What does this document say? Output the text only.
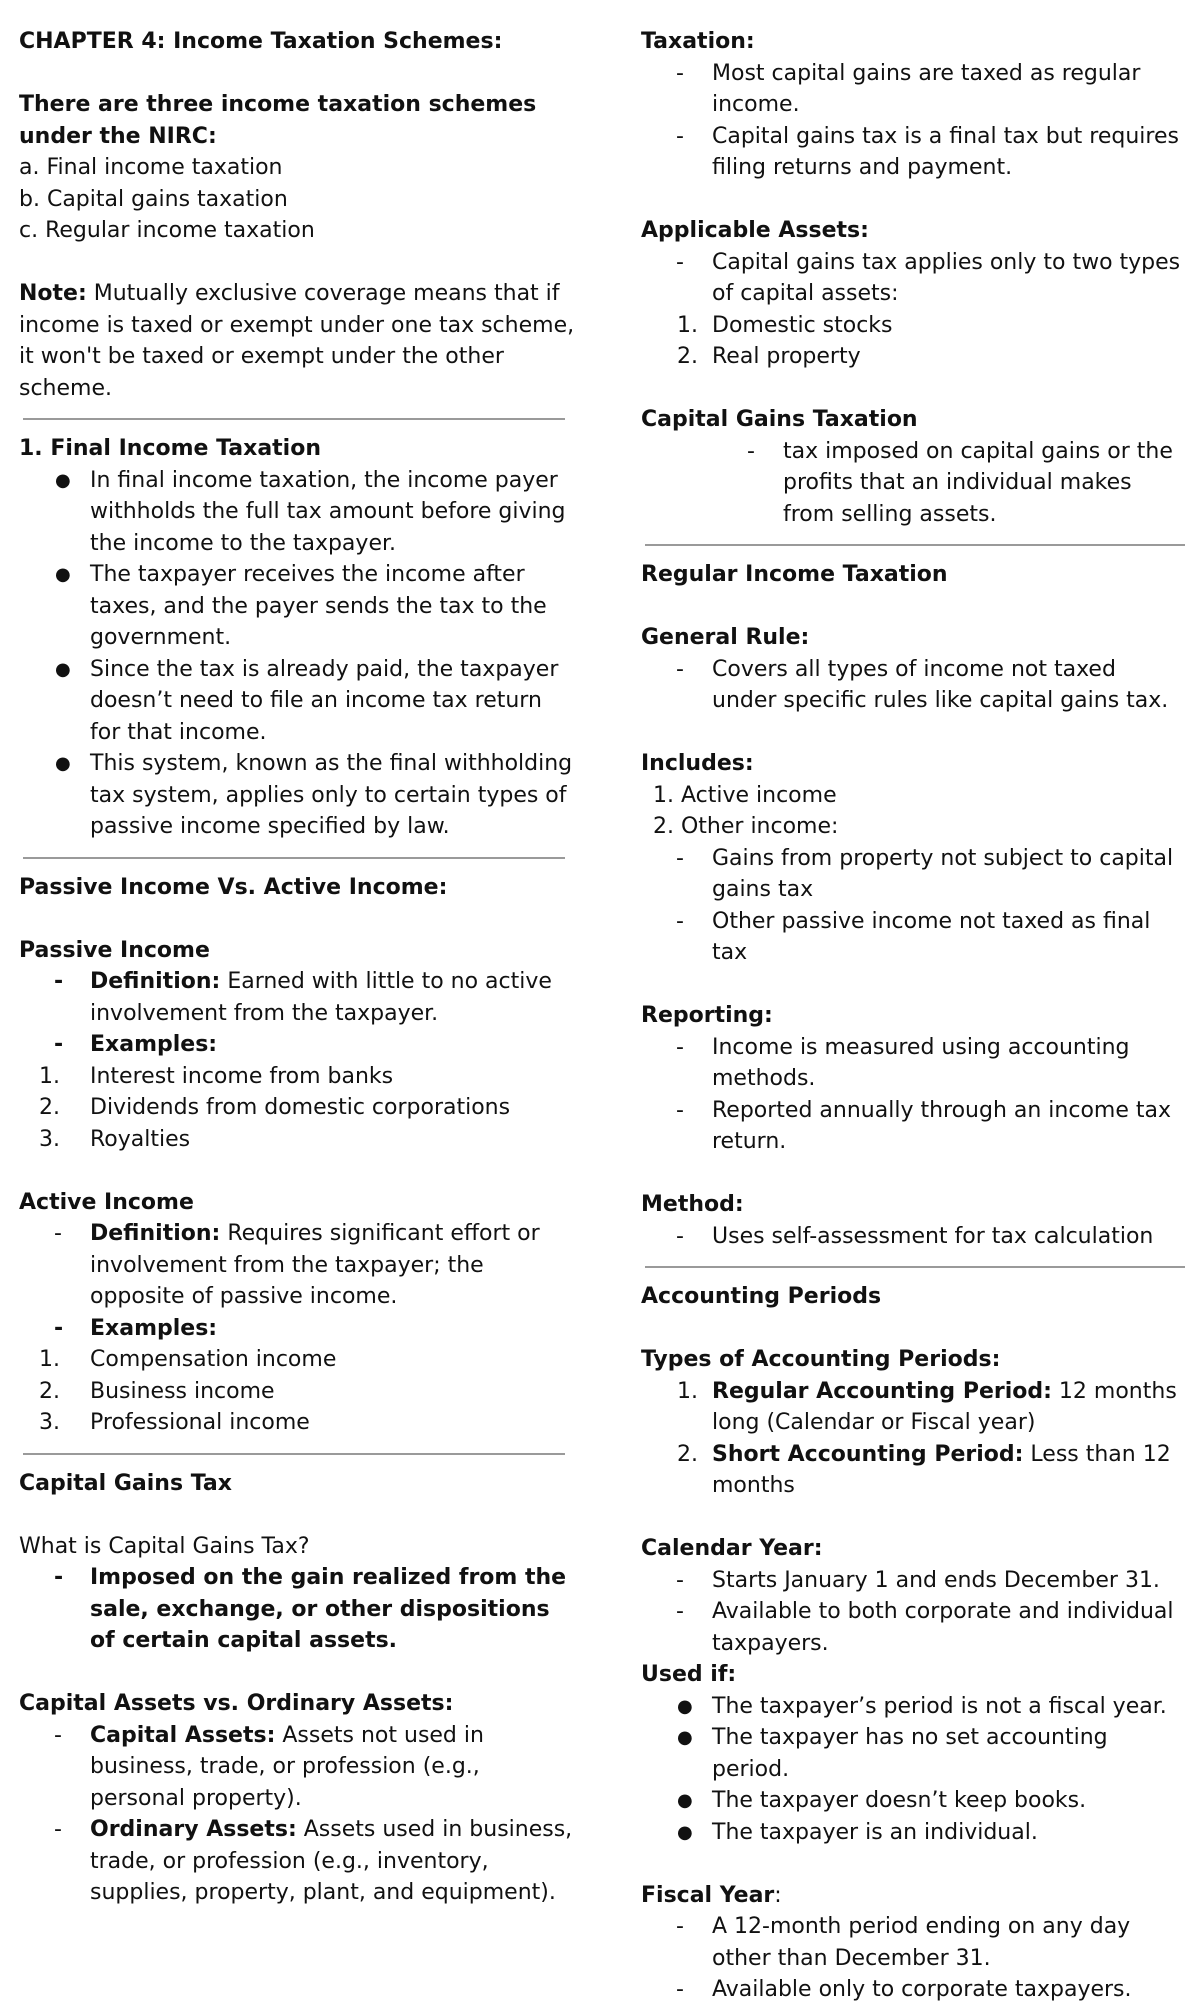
CHAPTER 4: Income Taxation Schemes:
There are three income taxation schemes under the NIRC:
a. Final income taxation
b. Capital gains taxation
c. Regular income taxation
Note: Mutually exclusive coverage means that if income is taxed or exempt under one tax scheme, it won't be taxed or exempt under the other scheme.
1. Final Income Taxation
● In final income taxation, the income payer withholds the full tax amount before giving the income to the taxpayer.
● The taxpayer receives the income after taxes, and the payer sends the tax to the government.
● Since the tax is already paid, the taxpayer doesn’t need to file an income tax return for that income.
● This system, known as the final withholding tax system, applies only to certain types of passive income specified by law.
Passive Income Vs. Active Income:
Passive Income
- Definition: Earned with little to no active involvement from the taxpayer.
- Examples:
1. Interest income from banks
2. Dividends from domestic corporations
3. Royalties
Active Income
- Definition: Requires significant effort or involvement from the taxpayer; the opposite of passive income.
- Examples:
1. Compensation income
2. Business income
3. Professional income
Capital Gains Tax
What is Capital Gains Tax?
- Imposed on the gain realized from the sale, exchange, or other dispositions of certain capital assets.
Capital Assets vs. Ordinary Assets:
- Capital Assets: Assets not used in business, trade, or profession (e.g., personal property).
- Ordinary Assets: Assets used in business, trade, or profession (e.g., inventory, supplies, property, plant, and equipment).
Taxation:
- Most capital gains are taxed as regular income.
- Capital gains tax is a final tax but requires filing returns and payment.
Applicable Assets:
- Capital gains tax applies only to two types of capital assets:
1. Domestic stocks
2. Real property
Capital Gains Taxation
- tax imposed on capital gains or the profits that an individual makes from selling assets.
Regular Income Taxation
General Rule:
- Covers all types of income not taxed under specific rules like capital gains tax.
Includes:
1. Active income
2. Other income:
- Gains from property not subject to capital gains tax
- Other passive income not taxed as final tax
Reporting:
- Income is measured using accounting methods.
- Reported annually through an income tax return.
Method:
- Uses self-assessment for tax calculation
Accounting Periods
Types of Accounting Periods:
1. Regular Accounting Period: 12 months long (Calendar or Fiscal year)
2. Short Accounting Period: Less than 12 months
Calendar Year:
- Starts January 1 and ends December 31.
- Available to both corporate and individual taxpayers.
Used if:
● The taxpayer’s period is not a fiscal year.
● The taxpayer has no set accounting period.
● The taxpayer doesn’t keep books.
● The taxpayer is an individual.
Fiscal Year:
- A 12-month period ending on any day other than December 31.
- Available only to corporate taxpayers.
